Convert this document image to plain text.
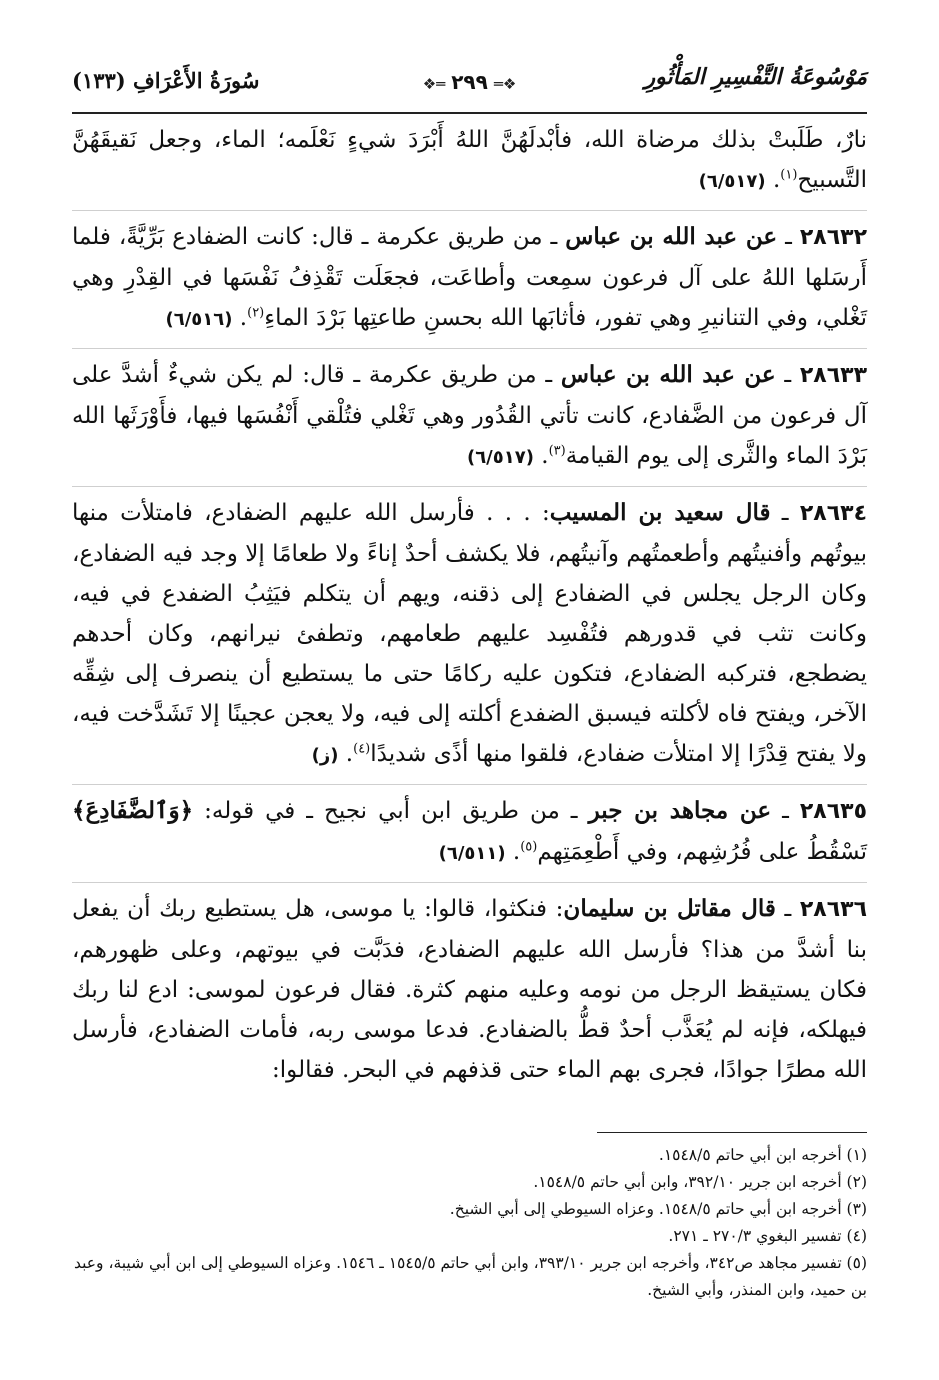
مَوْسُوعَةُ التَّفْسِيرِ المَأْثُورِ
❖═٢٩٩═❖
سُورَةُ الأَعْرَافِ (١٣٣)

نارٌ، طَلَبتْ بذلك مرضاة الله، فأبْدلَهُنَّ اللهُ أَبْرَدَ شيءٍ نَعْلَمه؛ الماء، وجعل نَقيقَهُنَّ التَّسبيح$^{(١)}$. (٦/٥١٧)

٢٨٦٣٢ ـ عن عبد الله بن عباس ـ من طريق عكرمة ـ قال: كانت الضفادع بَرِّيَّةً، فلما أَرسَلها اللهُ على آل فرعون سمِعت وأطاعَت، فجعَلَت تَقْذِفُ نَفْسَها في القِدْرِ وهي تَغْلي، وفي التنانيرِ وهي تفور، فأثابَها الله بحسنِ طاعتِها بَرْدَ الماءِ$^{(٢)}$. (٦/٥١٦)

٢٨٦٣٣ ـ عن عبد الله بن عباس ـ من طريق عكرمة ـ قال: لم يكن شيءٌ أشدَّ على آل فرعون من الضَّفادع، كانت تأتي القُدُور وهي تَغْلي فتُلْقي أَنْفُسَها فيها، فأَوْرَثَها الله بَرْدَ الماء والثَّرى إلى يوم القيامة$^{(٣)}$. (٦/٥١٧)

٢٨٦٣٤ ـ قال سعيد بن المسيب: . . . فأرسل الله عليهم الضفادع، فامتلأت منها بيوتُهم وأفنيتُهم وأطعمتُهم وآنيتُهم، فلا يكشف أحدٌ إناءً ولا طعامًا إلا وجد فيه الضفادع، وكان الرجل يجلس في الضفادع إلى ذقنه، ويهم أن يتكلم فيَثِبُ الضفدع في فيه، وكانت تثب في قدورهم فتُفْسِد عليهم طعامهم، وتطفئ نيرانهم، وكان أحدهم يضطجع، فتركبه الضفادع، فتكون عليه ركامًا حتى ما يستطيع أن ينصرف إلى شِقِّه الآخر، ويفتح فاه لأكلته فيسبق الضفدع أكلته إلى فيه، ولا يعجن عجينًا إلا تَشَدَّخت فيه، ولا يفتح قِدْرًا إلا امتلأت ضفادع، فلقوا منها أذًى شديدًا$^{(٤)}$. (ز)

٢٨٦٣٥ ـ عن مجاهد بن جبر ـ من طريق ابن أبي نجيح ـ في قوله: ﴿وَٱلضَّفَادِعَ﴾ تَسْقُطُ على فُرُشِهم، وفي أَطْعِمَتِهم$^{(٥)}$. (٦/٥١١)

٢٨٦٣٦ ـ قال مقاتل بن سليمان: فنكثوا، قالوا: يا موسى، هل يستطيع ربك أن يفعل بنا أشدَّ من هذا؟ فأرسل الله عليهم الضفادع، فدَبَّت في بيوتهم، وعلى ظهورهم، فكان يستيقظ الرجل من نومه وعليه منهم كثرة. فقال فرعون لموسى: ادع لنا ربك فيهلكه، فإنه لم يُعَذَّب أحدٌ قطُّ بالضفادع. فدعا موسى ربه، فأمات الضفادع، فأرسل الله مطرًا جوادًا، فجرى بهم الماء حتى قذفهم في البحر. فقالوا:

(١) أخرجه ابن أبي حاتم ١٥٤٨/٥.

(٢) أخرجه ابن جرير ٣٩٢/١٠، وابن أبي حاتم ١٥٤٨/٥.

(٣) أخرجه ابن أبي حاتم ١٥٤٨/٥. وعزاه السيوطي إلى أبي الشيخ.

(٤) تفسير البغوي ٢٧٠/٣ ـ ٢٧١.

(٥) تفسير مجاهد ص٣٤٢، وأخرجه ابن جرير ٣٩٣/١٠، وابن أبي حاتم ١٥٤٥/٥ ـ ١٥٤٦. وعزاه السيوطي إلى ابن أبي شيبة، وعبد بن حميد، وابن المنذر، وأبي الشيخ.
